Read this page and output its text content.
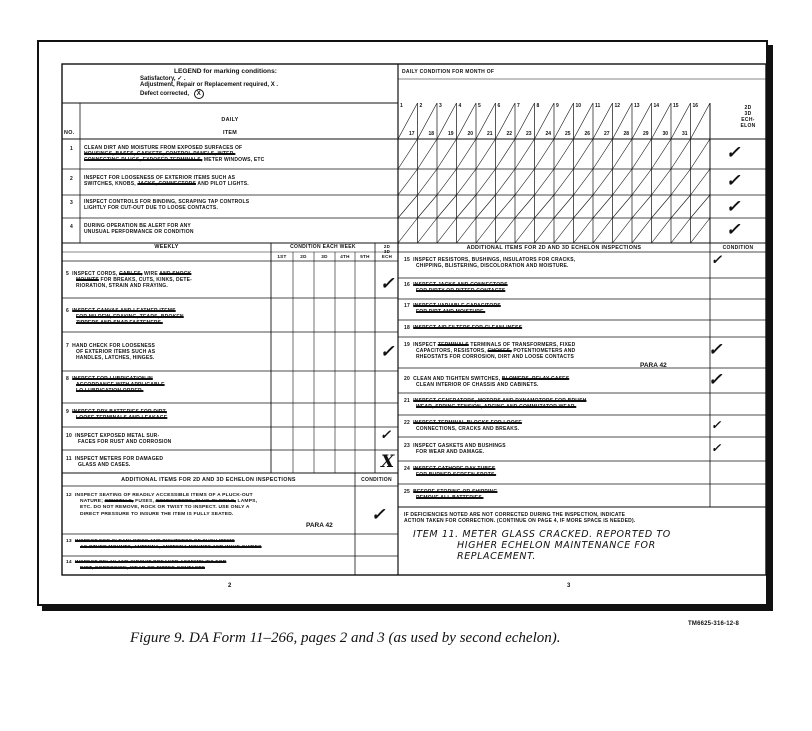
LEGEND for marking conditions:
Satisfactory, ✓ .
Adjustment, Repair or Replacement required, X .
Defect corrected, X
DAILY CONDITION FOR MONTH OF
DAILY
NO.	ITEM
2D 3D ECH- ELON
1	2	3	4	5	6	7	8	9	10	11	12	13	14	15	16
17	18	19	20	21	22	23	24	25	26	27	28	29	30	31
1 CLEAN DIRT AND MOISTURE FROM EXPOSED SURFACES OF
HOUSINGS, BASES, GASKETS, CONTROL PANELS, INTER-
CONNECTING PLUGS, EXPOSED TERMINALS, METER WINDOWS, ETC	✓
2 INSPECT FOR LOOSENESS OF EXTERIOR ITEMS SUCH AS
SWITCHES, KNOBS, JACKS, CONNECTORS AND PILOT LIGHTS.	✓
3 INSPECT CONTROLS FOR BINDING, SCRAPING TAP CONTROLS
LIGHTLY FOR CUT-OUT DUE TO LOOSE CONTACTS.	✓
4 DURING OPERATION BE ALERT FOR ANY
UNUSUAL PERFORMANCE OR CONDITION	✓
WEEKLY	CONDITION EACH WEEK	2D 3D ECH
1ST	2D	3D	4TH	5TH
5  INSPECT CORDS, CABLES, WIRE AND SHOCK
MOUNTS FOR BREAKS, CUTS, KINKS, DETE-
RIORATION, STRAIN AND FRAYING.	✓
6 INSPECT CANVAS AND LEATHER ITEMS
FOR MILDEW, FRAYING, TEARS, BROKEN
ZIPPERS AND SNAP FASTENERS.
7 HAND CHECK FOR LOOSENESS
OF EXTERIOR ITEMS SUCH AS
HANDLES, LATCHES, HINGES.	✓
8 INSPECT FOR LUBRICATION IN
ACCORDANCE WITH APPLICABLE
LO LUBRICATION ORDER.
9 INSPECT DRY BATTERIES FOR DIRT,
LOOSE TERMINALS AND LEAKAGE
10 INSPECT EXPOSED METAL SUR-
FACES FOR RUST AND CORROSION	✓
11 INSPECT METERS FOR DAMAGED
GLASS AND CASES.	X
ADDITIONAL ITEMS FOR 2D AND 3D ECHELON INSPECTIONS	CONDITION
12 INSPECT SEATING OF READILY ACCESSIBLE ITEMS OF A PLUCK-OUT
NATURE; CRYSTALS, FUSES, CONNECTORS, PLUG-IN COILS, LAMPS,
ETC. DO NOT REMOVE, ROCK OR TWIST TO INSPECT. USE ONLY A
DIRECT PRESSURE TO INSURE THE ITEM IS FULLY SEATED.
PARA 42
✓
13 INSPECT FOR CLEANLINESS AND TIGHTNESS OF SUCH ITEMS
AS OTHER MOUNTS, ANTENNA, ANTENNA MOUNTS AND WAVE GUIDES
14 INSPECT RELAY AND CIRCUIT BREAKER ASSEMBLIES FOR
DIRT, CORROSION, WEAR OR PITTED CONTACTS
ADDITIONAL ITEMS FOR 2D AND 3D ECHELON INSPECTIONS	CONDITION
15 INSPECT RESISTORS, BUSHINGS, INSULATORS FOR CRACKS,
CHIPPING, BLISTERING, DISCOLORATION AND MOISTURE.	✓
16 INSPECT JACKS AND CONNECTORS
FOR DIRTY OR PITTED CONTACTS
17 INSPECT VARIABLE CAPACITORS
FOR DIRT AND MOISTURE.
18 INSPECT AIR FILTERS FOR CLEANLINESS
19  INSPECT TERMINALS TERMINALS OF TRANSFORMERS, FIXED
CAPACITORS, RESISTORS, CHOKES, POTENTIOMETERS AND
RHEOSTATS FOR CORROSION, DIRT AND LOOSE CONTACTS	✓
20  CLEAN AND TIGHTEN SWITCHES, BLOWERS, RELAY CASES
CLEAN INTERIOR OF CHASSIS AND CABINETS.
PARA 42
✓
21 INSPECT GENERATORS, MOTORS AND DYNAMOTORS FOR BRUSH
WEAR, SPRING TENSION, ARCING AND COMMUTATOR WEAR.
22 INSPECT TERMINAL BLOCKS FOR LOOSE
CONNECTIONS, CRACKS AND BREAKS.	✓
23 INSPECT GASKETS AND BUSHINGS
FOR WEAR AND DAMAGE.	✓
24 INSPECT CATHODE RAY TUBES
FOR BURNED SCREEN SPOTS.
25 BEFORE STORING OR SHIPPING
REMOVE ALL BATTERIES.
IF DEFICIENCIES NOTED ARE NOT CORRECTED DURING THE INSPECTION, INDICATE
ACTION TAKEN FOR CORRECTION. (CONTINUE ON PAGE 4, IF MORE SPACE IS NEEDED).
ITEM 11. METER GLASS CRACKED. REPORTED TO
HIGHER ECHELON MAINTENANCE FOR
REPLACEMENT.
2	3
TM6625-316-12-8
Figure 9. DA Form 11–266, pages 2 and 3 (as used by second echelon).
